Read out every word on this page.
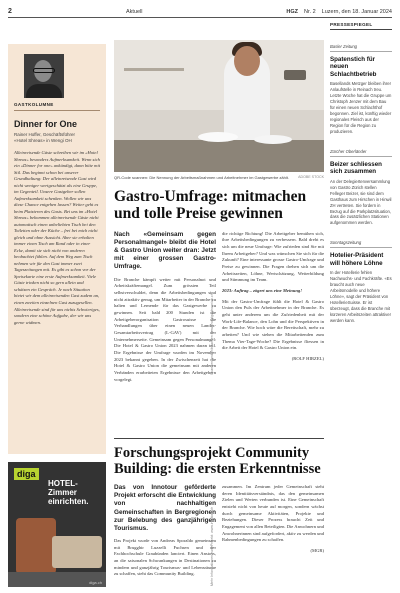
2	Aktuell	HGZ Nr. 2 Luzern, den 18. Januar 2024
GASTKOLUMNE
Dinner for One
Rainer Hoffer, Geschäftsführer «Hotel Shreas» in Wengi OH
Alleinreisende Gäste schreiben wir im «Hotel Shreas» besonders Aufmerksamkeit. Wenn sich ein «Dinner for one» ankündigt, dann bitte mit Stil. Das beginnt schon bei unserer Grundhaltung: Der alleinreisende Gast wird nicht weniger wertgeschätzt als eine Gruppe, im Gegenteil. Unsere Gastgeber sollen Aufmerksamkeit schenken. Wollen wir uns diese Chance entgehen lassen? Weiter geht es beim Platzieren des Gasts. Bei uns im «Hotel Shreas» bekommen alleinreisende Gäste nicht automatisch einen unbeliebten Tisch bei den Toiletten oder der Küche – frei bei mich nicht gleich und ohne Aussicht. Aber sie erhalten immer einen Tisch am Rand oder in einer Ecke, damit sie sich nicht von anderen beobachtet fühlen. Auf dem Weg zum Tisch nehmen wir für den Gast immer zwei Tageszeitungen mit. Es gibt es schon vor der Speisekarte eine erste Aufmerksamkeit. Viele Gäste trinken nicht so gern allein und schätzen ein Gespräch. Je nach Situation bietet wir dem alleinreisenden Gast zudem an, einen zweiten einzelnen Gast zuzugesellen. Alleinreisende sind für uns nichts Schwieriges, sondern eine schöne Aufgabe, der wir uns gerne widmen.
diga
HOTEL-Zimmer einrichten.
diga.ch
QR-Code scannen: Die Nennung der Arbeitsmaßnahmen und Arbeitnehmer im Gastgewerbe zählt.	ADOBE STOCK
Gastro-Umfrage: mitmachen und tolle Preise gewinnen
Nach «Gemeinsam gegen Personalmangel» bleibt die Hotel & Gastro Union weiter dran: Jetzt mit einer grossen Gastro-Umfrage.

Die Branche kämpft weiter mit Personalnot und Arbeitskräftemangel. Zum grössten Teil selbstverschuldet, denn die Arbeitsbedingungen sind nicht attraktiv genug, um Mitarbeiter in der Branche zu halten und Lernende für das Gastgewerbe zu gewinnen. Seit bald 200 Stunden ist die Arbeitgeberorganisation Gastrosuisse die Verhandlungen über einen neuen Landes-Gesamtarbeitsvertrag (L-GAV) mit der Unternehmerseite. Gemeinsam gegen Personalmangel: Die Hotel & Gastro Union 2023 nahmen daran teil. Die Ergebnisse der Umfrage wurden im November 2023 bekannt gegeben. In der Zwischenzeit hat die Hotel & Gastro Union die gemeinsam mit anderen Verbänden erarbeiteten Ergebnisse den Arbeitgebern vorgelegt.

die richtige Richtung! Die Arbeitgeber bemühen sich, ihre Arbeitsbedingungen zu verbessern. Bald dreht es sich um die neue Umfrage: Wie zufrieden sind Sie mit Ihrem Arbeitgeber? Und was wünschen Sie sich für die Zukunft? Eine interessante grosse Gastro-Umfrage und Preise zu gewinnen. Die Fragen drehen sich um die Arbeitszeiten, Löhne, Wertschätzung, Weiterbildung und Stimmung im Team.

2023: Auftrag – zögert uns eine Meinung!

Mit der Gastro-Umfrage fühlt die Hotel & Gastro Union den Puls der Arbeitnehmer in der Branche. Es geht unter anderem um die Zufriedenheit mit der Work-Life-Balance, den Lohn und die Perspektiven in der Branche. Wie hoch wäre die Bereitschaft, mehr zu arbeiten? Und wie stehen die Mitarbeitenden zum Thema Vier-Tage-Woche? Die Ergebnisse fliessen in die Arbeit der Hotel & Gastro Union ein.

(ROLF HIRZEL)

Scannen und mitmachen: www.hotelgastrounion.ch
Forschungsprojekt Community Building: die ersten Erkenntnisse
Das von Innotour geförderte Projekt erforscht die Entwicklung von nachhaltigen Gemeinschaften in Bergregionen zur Belebung des ganzjährigen Tourismus.

Das Projekt wurde von Andreas Sporaldo gemeinsam mit Brugghir Luzzelli Fuchsen und der Fachhochschule Graubünden lanciert. Einen Anstoss, an die saisonalen Schwankungen in Destinationen zu mindern und ganzjährig Tourismus- und Lebensräume zu schaffen, steht das Community Building.

zusammen. Im Zentrum jeder Gemeinschaft steht deren Identitätsverständnis, das den gemeinsamen Zielen und Werten verbunden ist. Eine Gemeinschaft entsteht nicht von heute auf morgen, sondern wächst durch gemeinsame Aktivitäten, Projekte und Beziehungen. Dieser Prozess braucht Zeit und Engagement von allen Beteiligten. Die Anwohnern und Anwohnerinnen sind aufgefordert, aktiv zu werden und Rahmenbedingungen zu schaffen.

(MGR)

Mehr Informationen zum Projekt: www.innotour.ch
PRESSESPIEGEL
Basler Zeitung
Spatenstich für neuen Schlachtbetrieb

Basellands Metzger bleiben ihrer Anlaufstelle in Reinach treu. Letzte Woche hat die Gruppe um Christoph Jenzer mit dem Bau für einen neuen Schlachthof begonnen. Ziel ist, künftig wieder regionales Fleisch aus der Region für die Region zu produzieren.

Zürcher Oberländer
Beizer schliessen sich zusammen

An der Delegiertenversammlung von Gastro Zürich stellen Felleger Beizer, sie sind dem Gasthaus zum Hirschen in Hinwil ZH vertreten. Sie fordern in Bezug auf die Parkplatzsituation, dass die zusätzlichen Stationen aufgenommen werden.

Sonntagszeitung
Hotelier-Präsident will höhere Löhne

In der Hotellerie fehlen Nachwuchs- und Fachkräfte. «Es braucht auch neue Arbeitsmodelle und höhere Löhne», sagt der Präsident von HotellerieSuisse. Er ist überzeugt, dass die Branche mit kürzeren Arbeitszeiten attraktiver werden kann.
